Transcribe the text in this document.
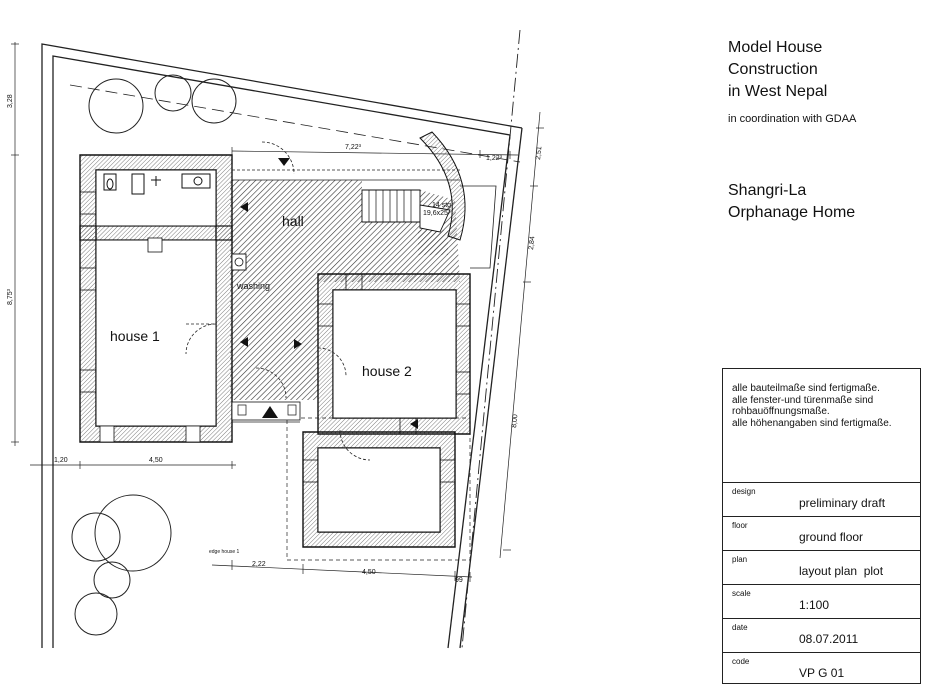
hall
house 1
house 2
washing
14 stg.
19,6x25
edge house 1
3,28
8,75³
1,20	4,50
7,22³
1,22³	2,51
2,84
8,00
2,22
4,50
99
Model House
Construction
in West Nepal
in coordination with GDAA
Shangri-La
Orphanage Home
alle bauteilmaße sind fertigmaße.
alle fenster-und türenmaße sind
rohbauöffnungsmaße.
alle höhenangaben sind fertigmaße.
design
preliminary draft
floor
ground floor
plan
layout plan  plot
scale
1:100
date
08.07.2011
code
VP G 01
